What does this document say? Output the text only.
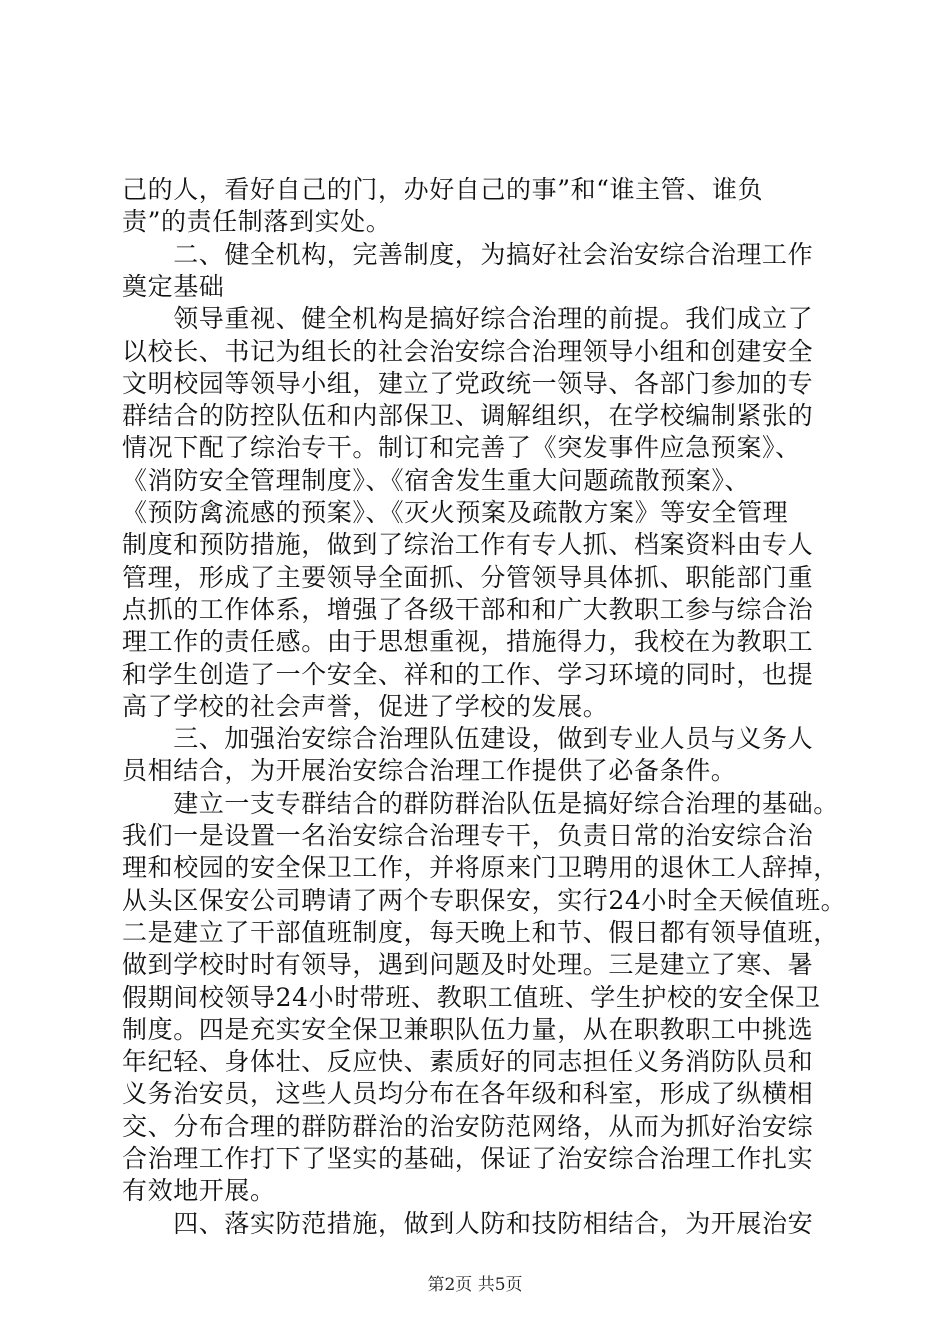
己的人，看好自己的门，办好自己的事”和“谁主管、谁负
责”的责任制落到实处。
　　二、健全机构，完善制度，为搞好社会治安综合治理工作
奠定基础
　　领导重视、健全机构是搞好综合治理的前提。我们成立了
以校长、书记为组长的社会治安综合治理领导小组和创建安全
文明校园等领导小组，建立了党政统一领导、各部门参加的专
群结合的防控队伍和内部保卫、调解组织，在学校编制紧张的
情况下配了综治专干。制订和完善了《突发事件应急预案》、
《消防安全管理制度》、《宿舍发生重大问题疏散预案》、
《预防禽流感的预案》、《灭火预案及疏散方案》等安全管理
制度和预防措施，做到了综治工作有专人抓、档案资料由专人
管理，形成了主要领导全面抓、分管领导具体抓、职能部门重
点抓的工作体系，增强了各级干部和和广大教职工参与综合治
理工作的责任感。由于思想重视，措施得力，我校在为教职工
和学生创造了一个安全、祥和的工作、学习环境的同时，也提
高了学校的社会声誉，促进了学校的发展。
　　三、加强治安综合治理队伍建设，做到专业人员与义务人
员相结合，为开展治安综合治理工作提供了必备条件。
　　建立一支专群结合的群防群治队伍是搞好综合治理的基础。
我们一是设置一名治安综合治理专干，负责日常的治安综合治
理和校园的安全保卫工作，并将原来门卫聘用的退休工人辞掉，
从头区保安公司聘请了两个专职保安，实行24小时全天候值班。
二是建立了干部值班制度，每天晚上和节、假日都有领导值班，
做到学校时时有领导，遇到问题及时处理。三是建立了寒、暑
假期间校领导24小时带班、教职工值班、学生护校的安全保卫
制度。四是充实安全保卫兼职队伍力量，从在职教职工中挑选
年纪轻、身体壮、反应快、素质好的同志担任义务消防队员和
义务治安员，这些人员均分布在各年级和科室，形成了纵横相
交、分布合理的群防群治的治安防范网络，从而为抓好治安综
合治理工作打下了坚实的基础，保证了治安综合治理工作扎实
有效地开展。
　　四、落实防范措施，做到人防和技防相结合，为开展治安
第2页 共5页
